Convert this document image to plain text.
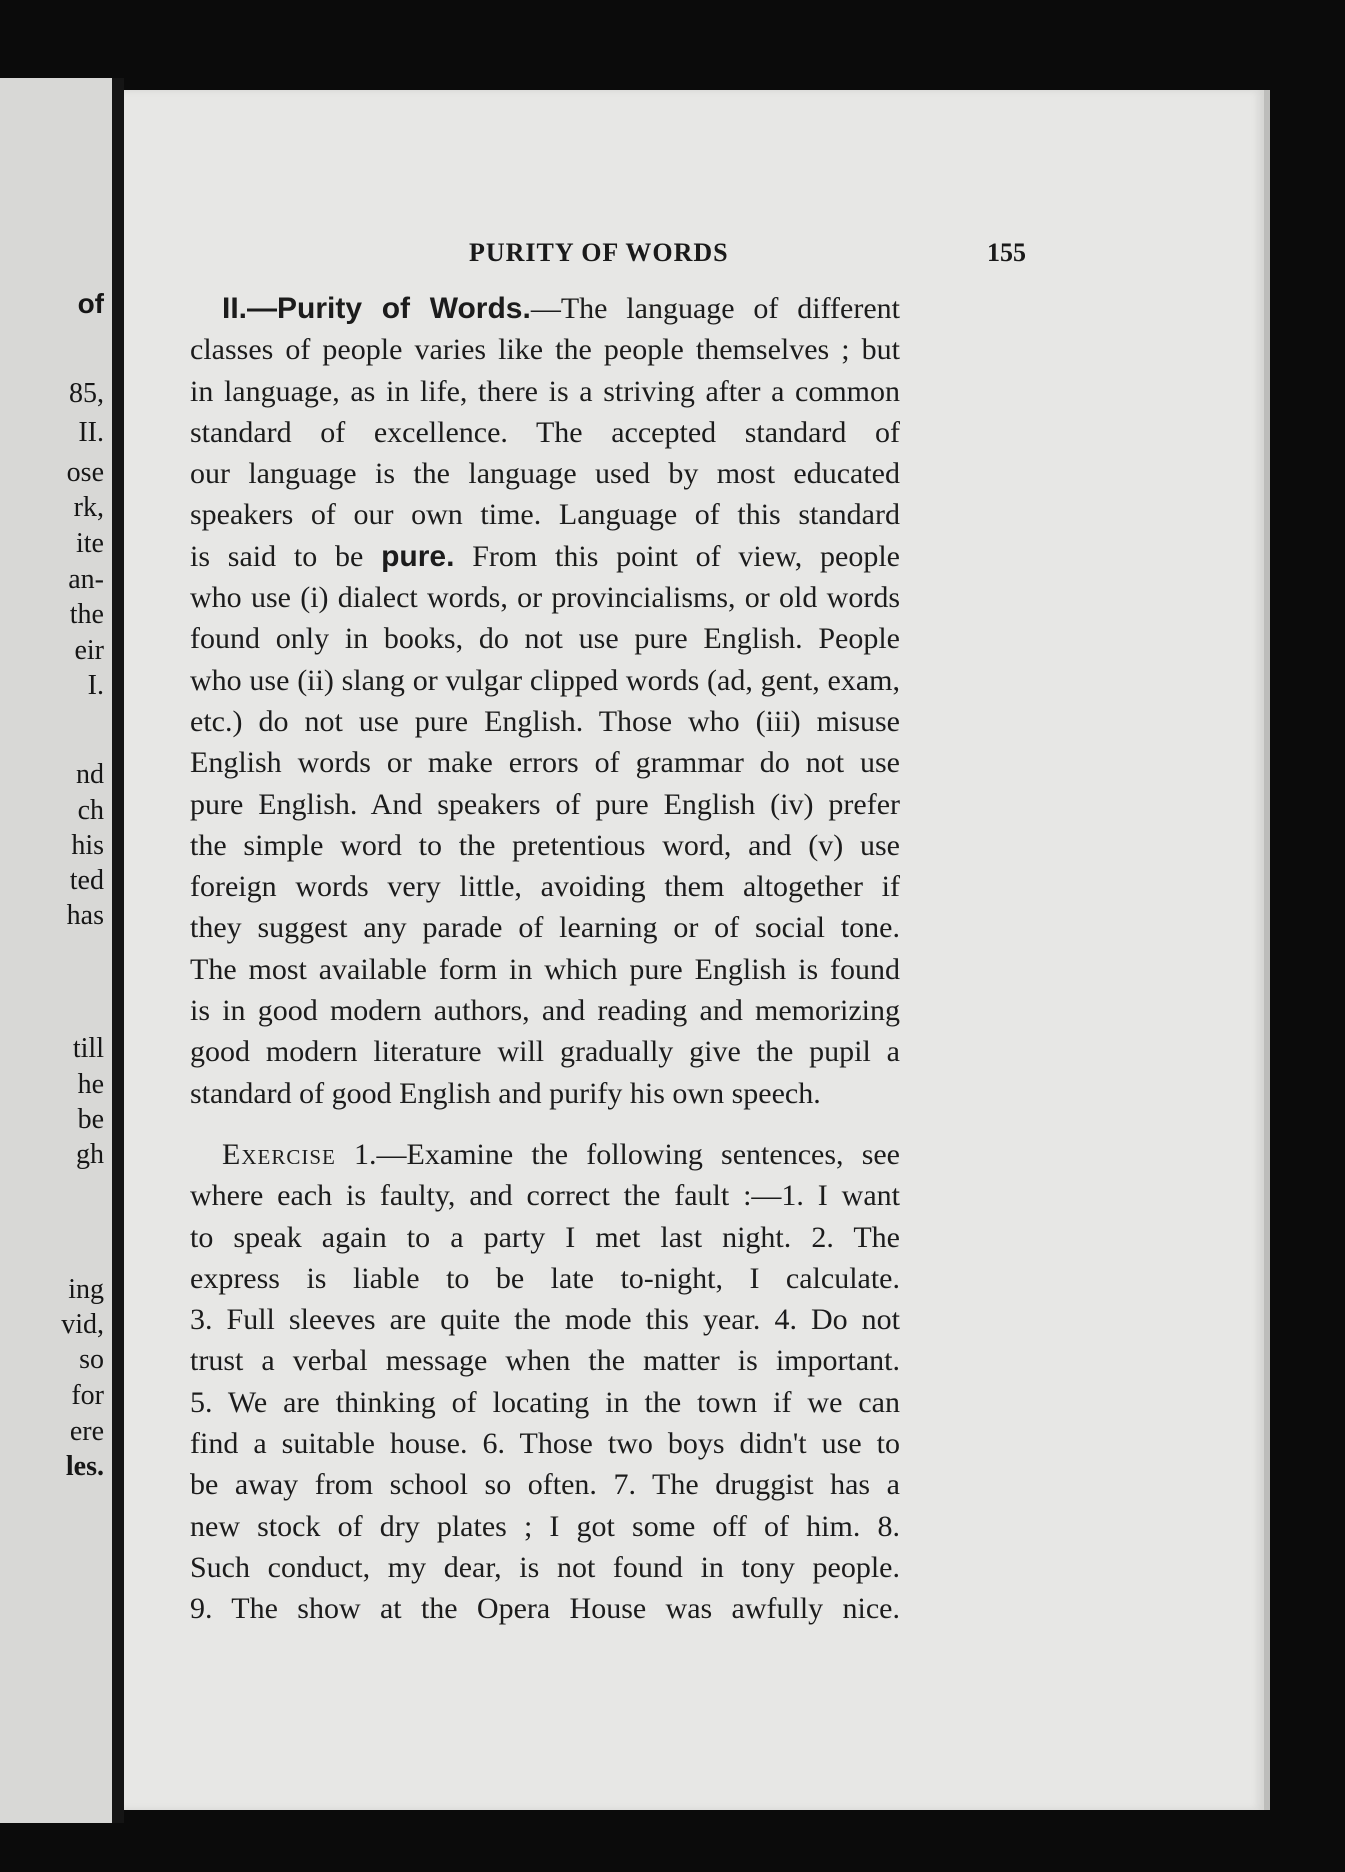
of
85,
II.
ose
rk,
ite
an-
the
eir
I.
nd
ch
his
ted
has
till
he
be
gh
ing
vid,
so
for
ere
les.
PURITY OF WORDS	155
II.—Purity of Words.—The language of different
classes of people varies like the people themselves ; but
in language, as in life, there is a striving after a common
standard of excellence. The accepted standard of
our language is the language used by most educated
speakers of our own time. Language of this standard
is said to be pure. From this point of view, people
who use (i) dialect words, or provincialisms, or old words
found only in books, do not use pure English. People
who use (ii) slang or vulgar clipped words (ad, gent, exam,
etc.) do not use pure English. Those who (iii) misuse
English words or make errors of grammar do not use
pure English. And speakers of pure English (iv) prefer
the simple word to the pretentious word, and (v) use
foreign words very little, avoiding them altogether if
they suggest any parade of learning or of social tone.
The most available form in which pure English is found
is in good modern authors, and reading and memorizing
good modern literature will gradually give the pupil a
standard of good English and purify his own speech.
Exercise 1.—Examine the following sentences, see
where each is faulty, and correct the fault :—1. I want
to speak again to a party I met last night. 2. The
express is liable to be late to-night, I calculate.
3. Full sleeves are quite the mode this year. 4. Do not
trust a verbal message when the matter is important.
5. We are thinking of locating in the town if we can
find a suitable house. 6. Those two boys didn't use to
be away from school so often. 7. The druggist has a
new stock of dry plates ; I got some off of him. 8.
Such conduct, my dear, is not found in tony people.
9. The show at the Opera House was awfully nice.
